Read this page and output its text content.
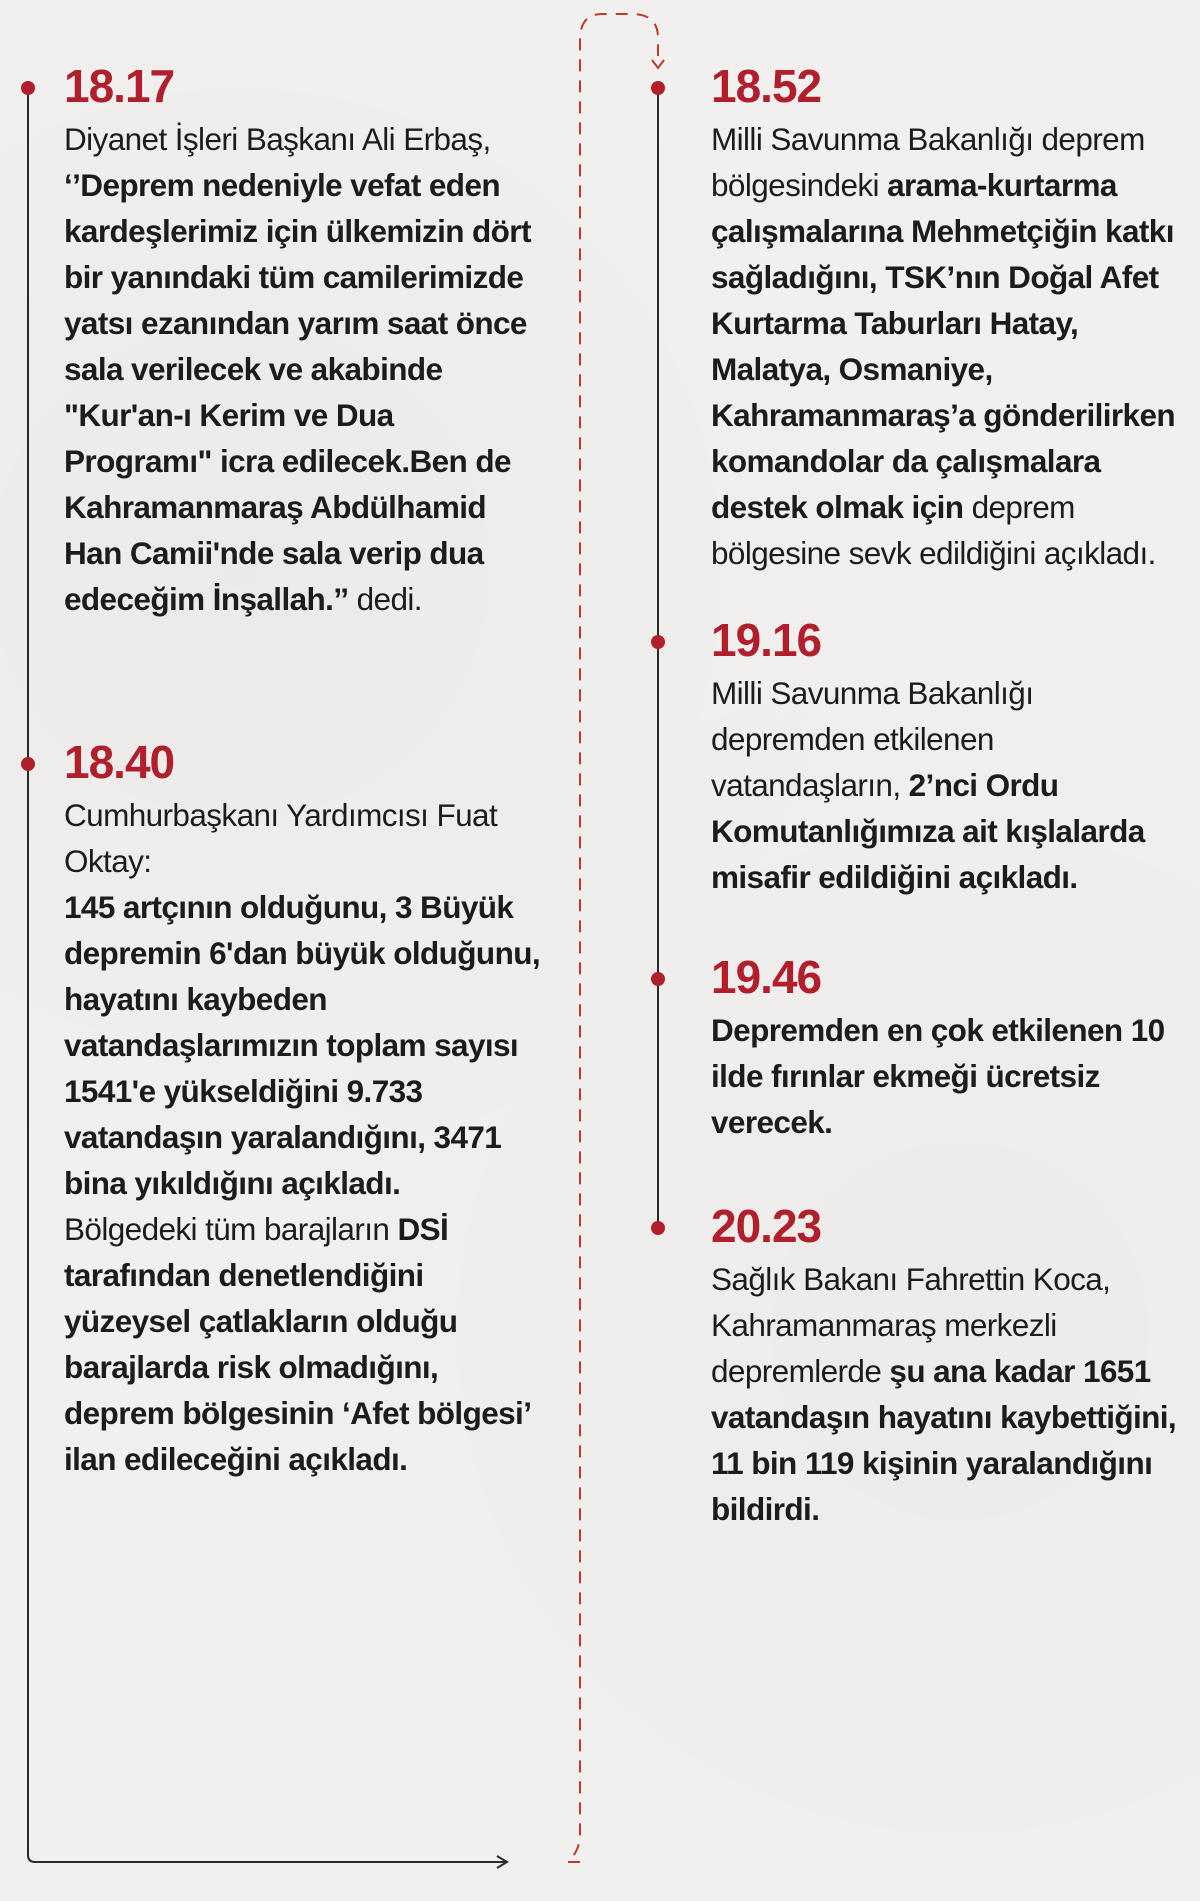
18.17
Diyanet İşleri Başkanı Ali Erbaş, ‘’Deprem nedeniyle vefat eden kardeşlerimiz için ülkemizin dört bir yanındaki tüm camilerimizde yatsı ezanından yarım saat önce sala verilecek ve akabinde "Kur'an-ı Kerim ve Dua Programı" icra edilecek.Ben de Kahramanmaraş Abdülhamid Han Camii'nde sala verip dua edeceğim İnşallah.’’ dedi.
18.40
Cumhurbaşkanı Yardımcısı Fuat Oktay:
145 artçının olduğunu, 3 Büyük depremin 6'dan büyük olduğunu, hayatını kaybeden vatandaşlarımızın toplam sayısı 1541'e yükseldiğini 9.733 vatandaşın yaralandığını, 3471 bina yıkıldığını açıkladı.
Bölgedeki tüm barajların DSİ tarafından denetlendiğini yüzeysel çatlakların olduğu barajlarda risk olmadığını, deprem bölgesinin ‘Afet bölgesi’ ilan edileceğini açıkladı.
18.52
Milli Savunma Bakanlığı deprem bölgesindeki arama-kurtarma çalışmalarına Mehmetçiğin katkı sağladığını, TSK’nın Doğal Afet Kurtarma Taburları Hatay, Malatya, Osmaniye, Kahramanmaraş’a gönderilirken komandolar da çalışmalara destek olmak için deprem bölgesine sevk edildiğini açıkladı.
19.16
Milli Savunma Bakanlığı depremden etkilenen vatandaşların, 2’nci Ordu Komutanlığımıza ait kışlalarda misafir edildiğini açıkladı.
19.46
Depremden en çok etkilenen 10 ilde fırınlar ekmeği ücretsiz verecek.
20.23
Sağlık Bakanı Fahrettin Koca, Kahramanmaraş merkezli depremlerde şu ana kadar 1651 vatandaşın hayatını kaybettiğini, 11 bin 119 kişinin yaralandığını bildirdi.
